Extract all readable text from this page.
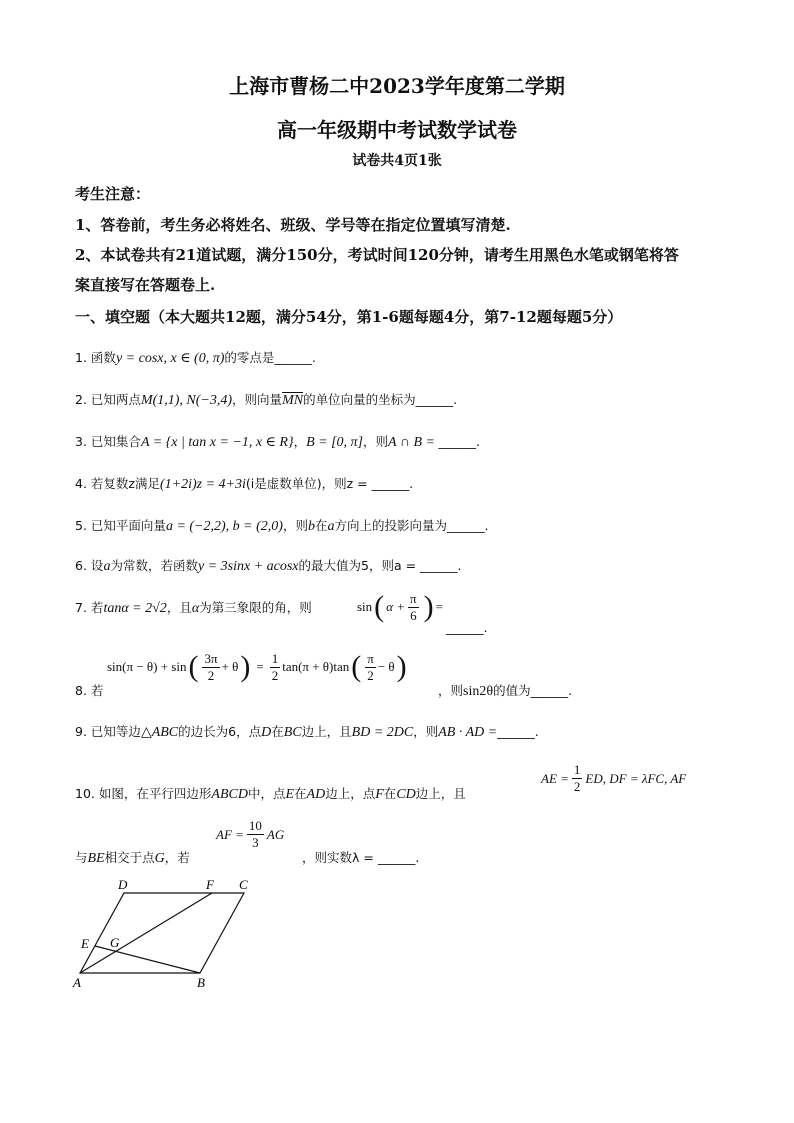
上海市曹杨二中2023学年度第二学期
高一年级期中考试数学试卷
试卷共4页1张
考生注意：
1、答卷前，考生务必将姓名、班级、学号等在指定位置填写清楚.
2、本试卷共有21道试题，满分150分，考试时间120分钟，请考生用黑色水笔或钢笔将答
案直接写在答题卷上.
一、填空题（本大题共12题，满分54分，第1-6题每题4分，第7-12题每题5分）
1. 函数y = cosx, x ∈ (0, π)的零点是______.
2. 已知两点M(1,1), N(−3,4)，则向量$\overline{MN}$的单位向量的坐标为______.
3. 已知集合A = {x | tan x = −1, x ∈ R}，B = [0, π]，则A ∩ B = ______.
4. 若复数z满足(1+2i)z = 4+3i(i是虚数单位)，则z = ______.
5. 已知平面向量a = (−2,2), b = (2,0)，则b在a方向上的投影向量为______.
6. 设a为常数，若函数y = 3sinx + acosx的最大值为5，则a = ______.
7. 若tanα = 2√2，且α为第三象限的角，则	sin ( $\alpha + \frac{\pi}{6}$ ) =
______.
sin(π − θ) + sin ( $\frac{3\pi}{2} + \theta$ ) = $\frac{1}{2} \tan(\pi + \theta)\tan$ ( $\frac{\pi}{2} - \theta$ )
8. 若	，则sin2θ的值为______.
9. 已知等边△ABC的边长为6，点D在BC边上，且BD = 2DC，则AB · AD =______.
10. 如图，在平行四边形ABCD中，点E在AD边上，点F在CD边上，且
AE = $\frac{1}{2}$ ED, DF = λFC, AF
AF = $\frac{10}{3}$ AG
与BE相交于点G，若	，则实数λ = ______.
A	B
C
D
E
F
G
